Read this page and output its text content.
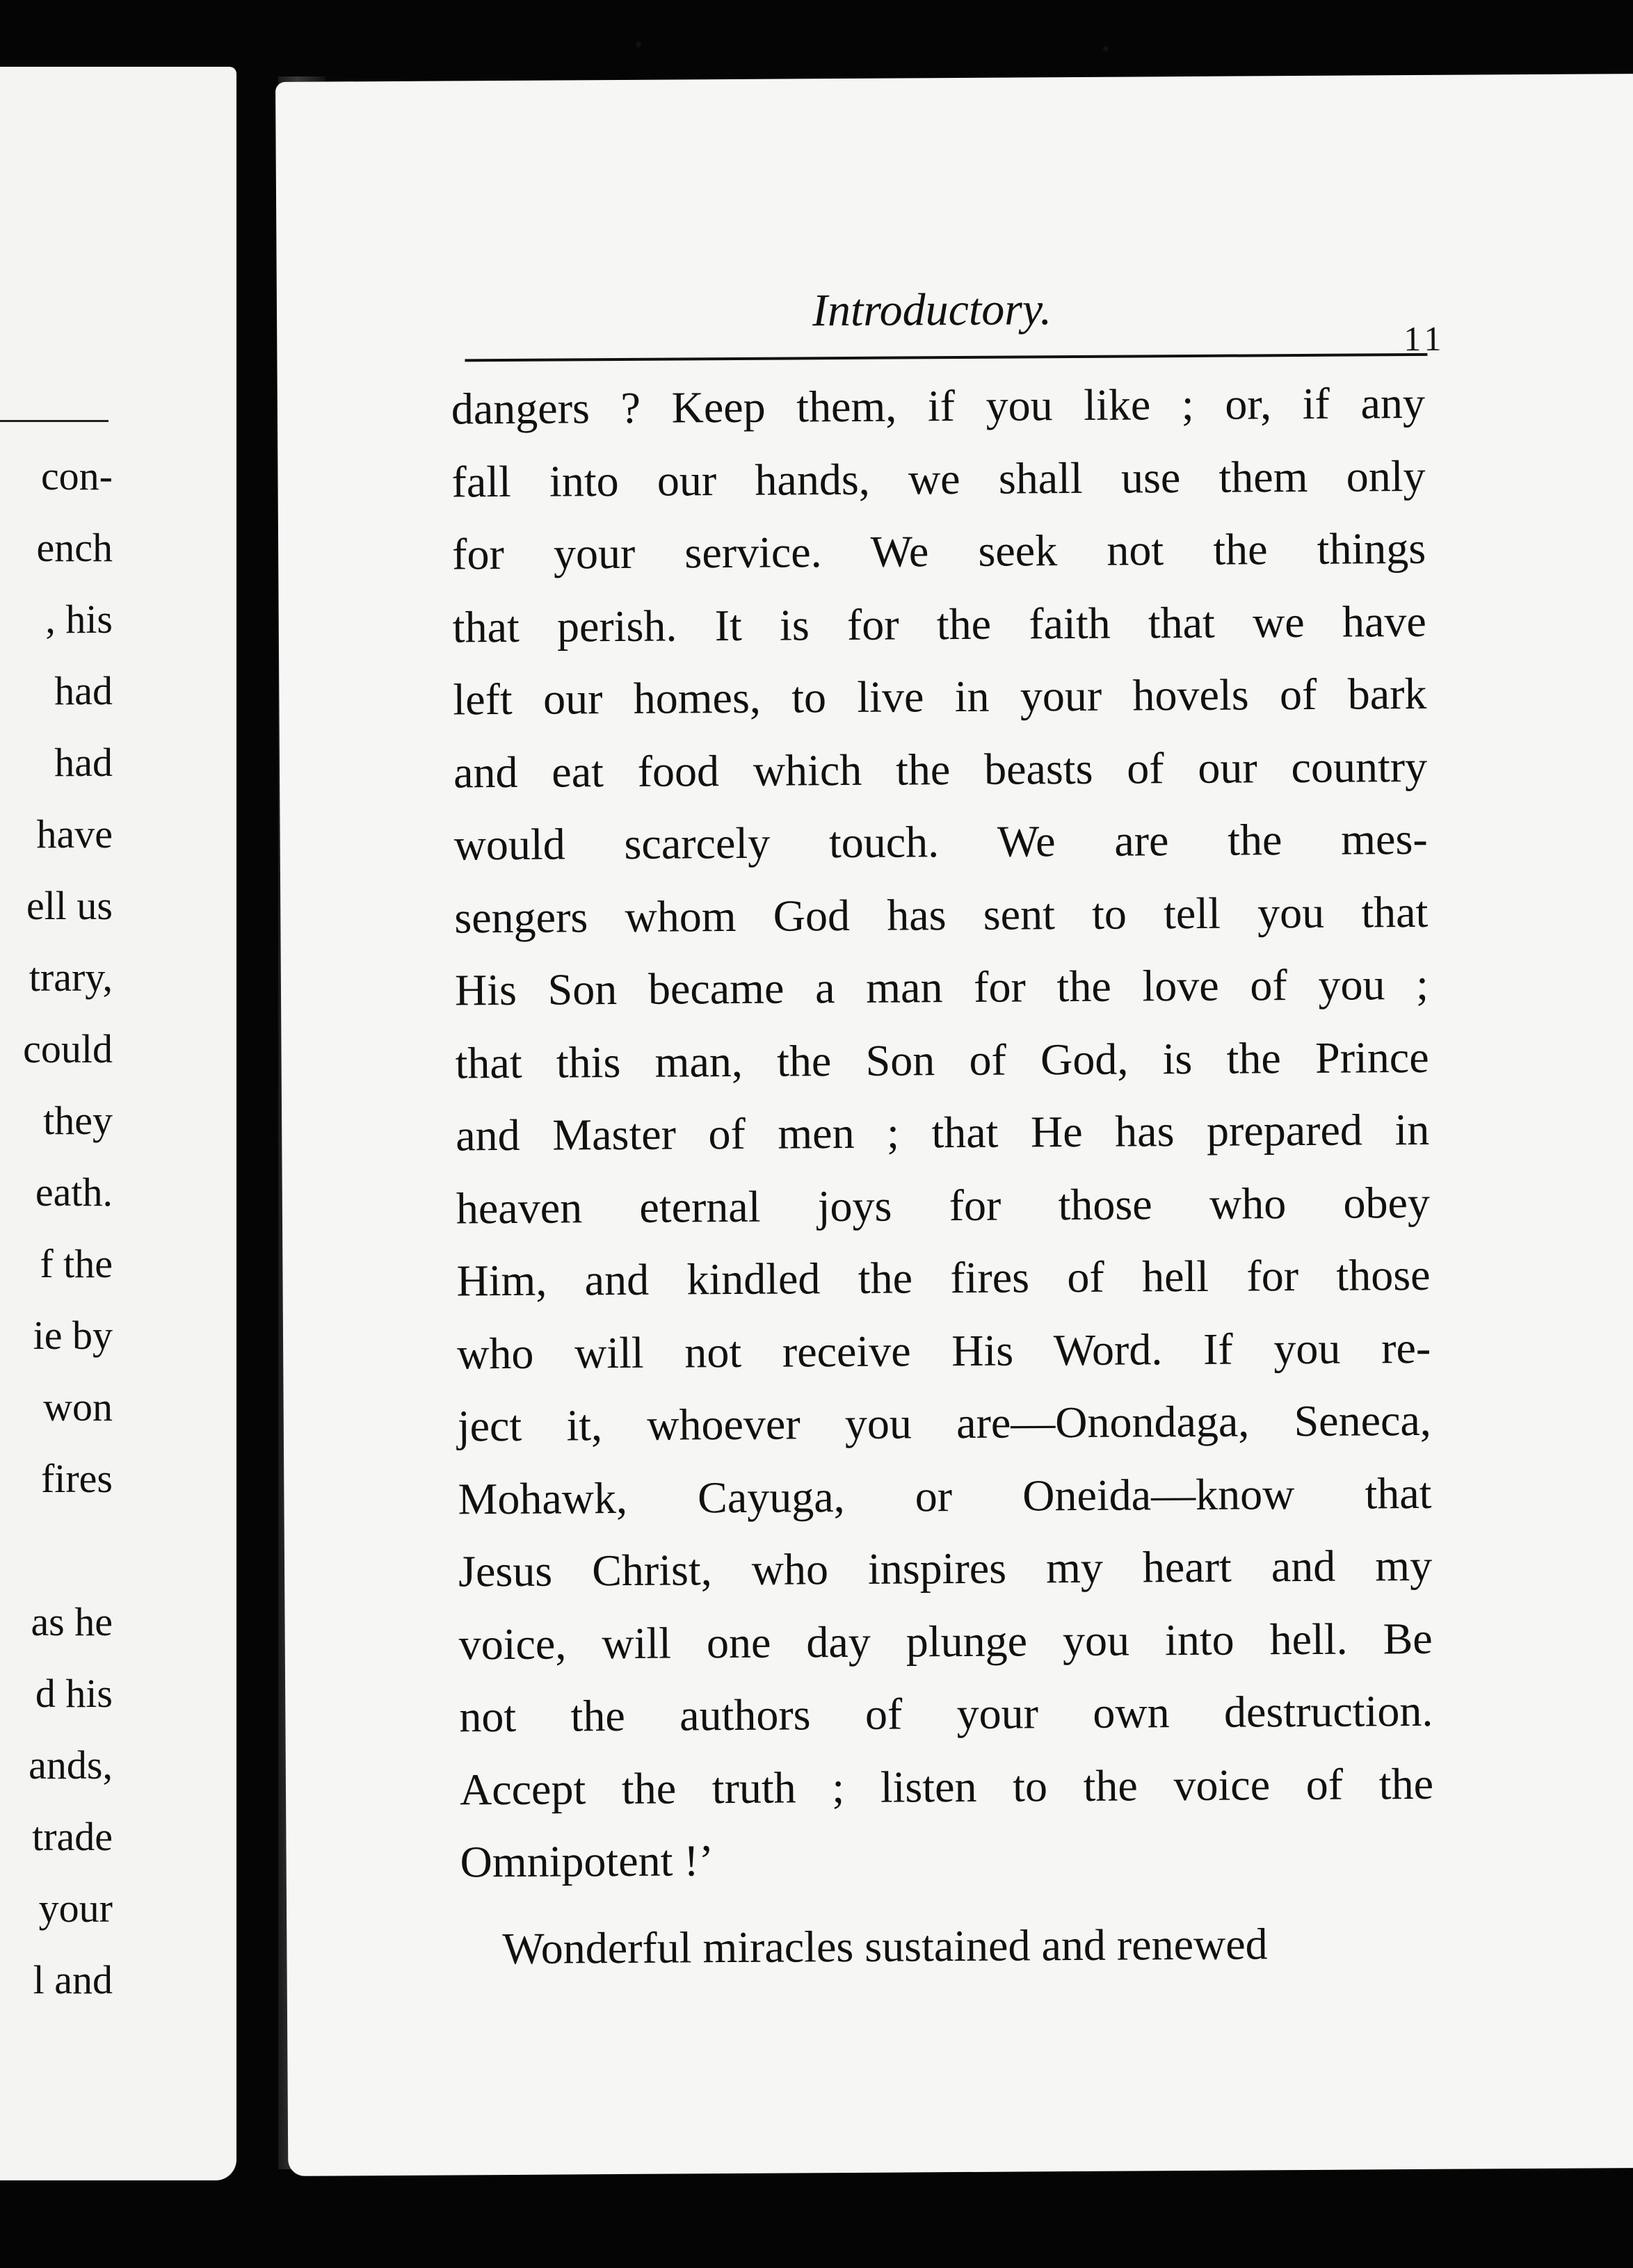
con-
ench
, his
had
had
have
ell us
trary,
could
they
eath.
f the
ie by
won
fires
as he
d his
ands,
trade
your
l and
Introductory.
11
dangers ? Keep them, if you like ; or, if any
fall into our hands, we shall use them only
for your service. We seek not the things
that perish. It is for the faith that we have
left our homes, to live in your hovels of bark
and eat food which the beasts of our country
would scarcely touch. We are the mes-
sengers whom God has sent to tell you that
His Son became a man for the love of you ;
that this man, the Son of God, is the Prince
and Master of men ; that He has prepared in
heaven eternal joys for those who obey
Him, and kindled the fires of hell for those
who will not receive His Word. If you re-
ject it, whoever you are—Onondaga, Seneca,
Mohawk, Cayuga, or Oneida—know that
Jesus Christ, who inspires my heart and my
voice, will one day plunge you into hell. Be
not the authors of your own destruction.
Accept the truth ; listen to the voice of the
Omnipotent !’
Wonderful miracles sustained and renewed
